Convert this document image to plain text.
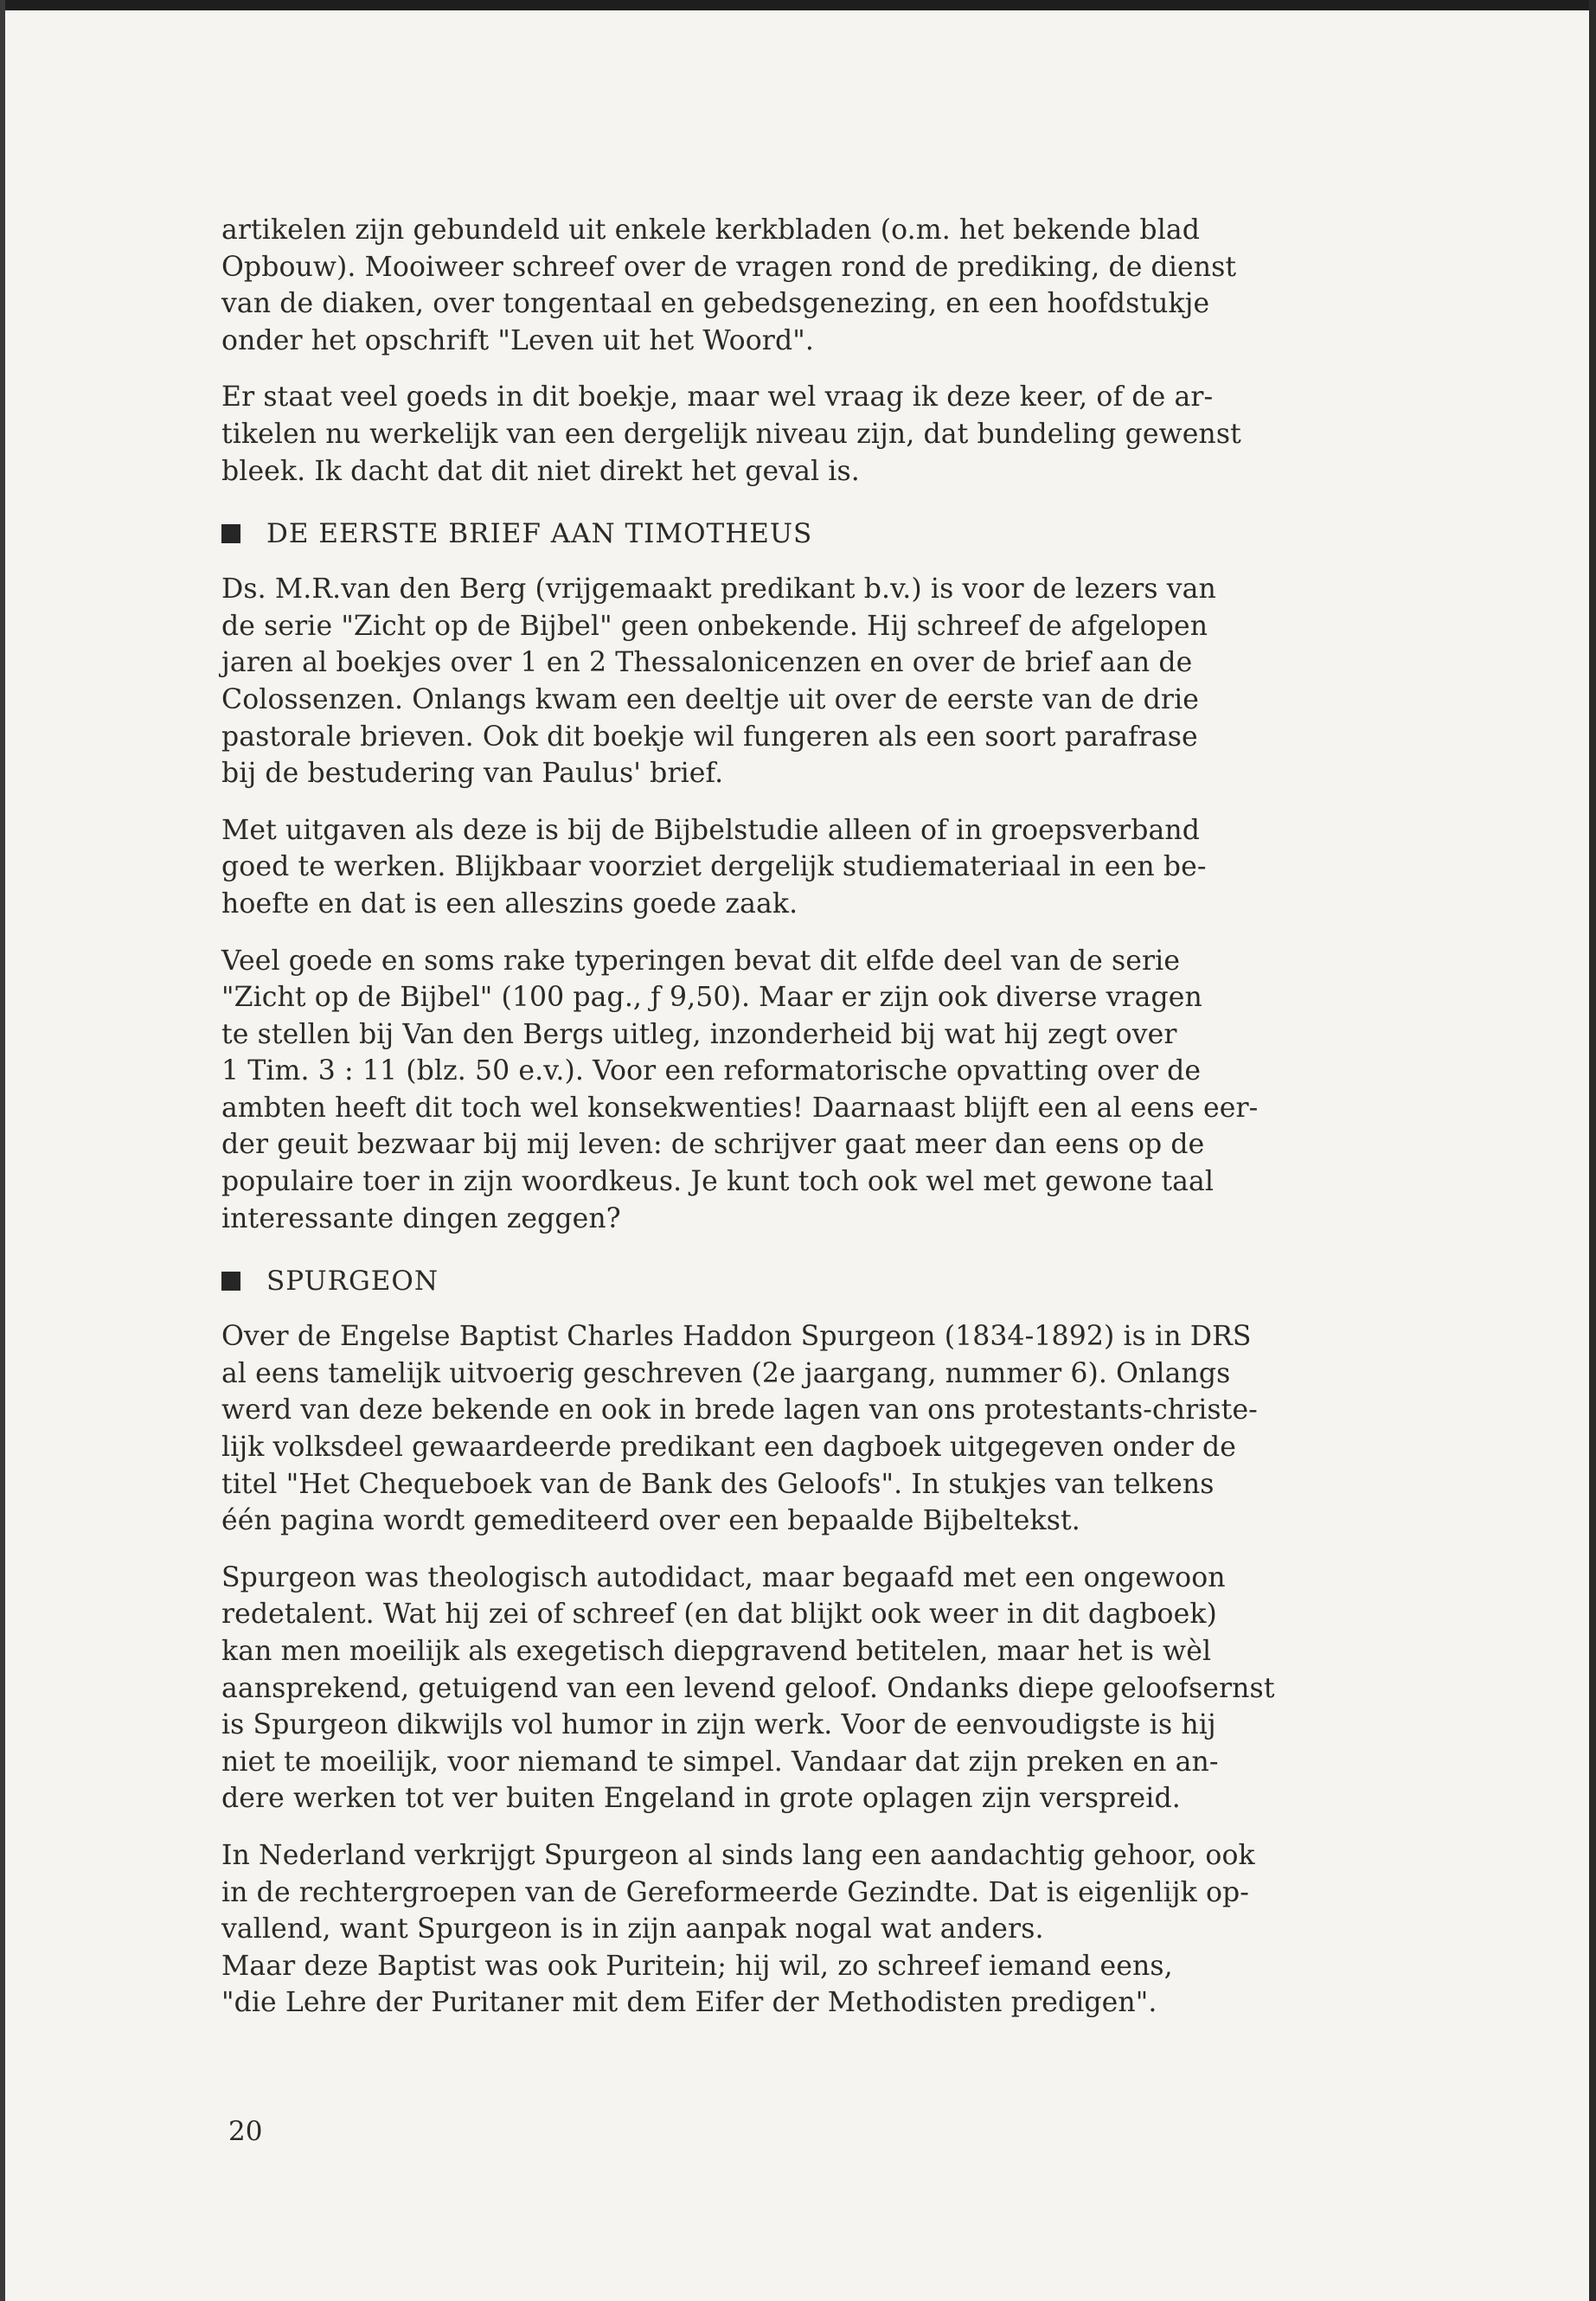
artikelen zijn gebundeld uit enkele kerkbladen (o.m. het bekende blad
Opbouw). Mooiweer schreef over de vragen rond de prediking, de dienst
van de diaken, over tongentaal en gebedsgenezing, en een hoofdstukje
onder het opschrift "Leven uit het Woord".

Er staat veel goeds in dit boekje, maar wel vraag ik deze keer, of de ar-
tikelen nu werkelijk van een dergelijk niveau zijn, dat bundeling gewenst
bleek. Ik dacht dat dit niet direkt het geval is.

DE EERSTE BRIEF AAN TIMOTHEUS

Ds. M.R.van den Berg (vrijgemaakt predikant b.v.) is voor de lezers van
de serie "Zicht op de Bijbel" geen onbekende. Hij schreef de afgelopen
jaren al boekjes over 1 en 2 Thessalonicenzen en over de brief aan de
Colossenzen. Onlangs kwam een deeltje uit over de eerste van de drie
pastorale brieven. Ook dit boekje wil fungeren als een soort parafrase
bij de bestudering van Paulus' brief.

Met uitgaven als deze is bij de Bijbelstudie alleen of in groepsverband
goed te werken. Blijkbaar voorziet dergelijk studiemateriaal in een be-
hoefte en dat is een alleszins goede zaak.

Veel goede en soms rake typeringen bevat dit elfde deel van de serie
"Zicht op de Bijbel" (100 pag., ƒ 9,50). Maar er zijn ook diverse vragen
te stellen bij Van den Bergs uitleg, inzonderheid bij wat hij zegt over
1 Tim. 3 : 11 (blz. 50 e.v.). Voor een reformatorische opvatting over de
ambten heeft dit toch wel konsekwenties! Daarnaast blijft een al eens eer-
der geuit bezwaar bij mij leven: de schrijver gaat meer dan eens op de
populaire toer in zijn woordkeus. Je kunt toch ook wel met gewone taal
interessante dingen zeggen?

SPURGEON

Over de Engelse Baptist Charles Haddon Spurgeon (1834-1892) is in DRS
al eens tamelijk uitvoerig geschreven (2e jaargang, nummer 6). Onlangs
werd van deze bekende en ook in brede lagen van ons protestants-christe-
lijk volksdeel gewaardeerde predikant een dagboek uitgegeven onder de
titel "Het Chequeboek van de Bank des Geloofs". In stukjes van telkens
één pagina wordt gemediteerd over een bepaalde Bijbeltekst.

Spurgeon was theologisch autodidact, maar begaafd met een ongewoon
redetalent. Wat hij zei of schreef (en dat blijkt ook weer in dit dagboek)
kan men moeilijk als exegetisch diepgravend betitelen, maar het is wèl
aansprekend, getuigend van een levend geloof. Ondanks diepe geloofsernst
is Spurgeon dikwijls vol humor in zijn werk. Voor de eenvoudigste is hij
niet te moeilijk, voor niemand te simpel. Vandaar dat zijn preken en an-
dere werken tot ver buiten Engeland in grote oplagen zijn verspreid.

In Nederland verkrijgt Spurgeon al sinds lang een aandachtig gehoor, ook
in de rechtergroepen van de Gereformeerde Gezindte. Dat is eigenlijk op-
vallend, want Spurgeon is in zijn aanpak nogal wat anders.
Maar deze Baptist was ook Puritein; hij wil, zo schreef iemand eens,
"die Lehre der Puritaner mit dem Eifer der Methodisten predigen".

20
